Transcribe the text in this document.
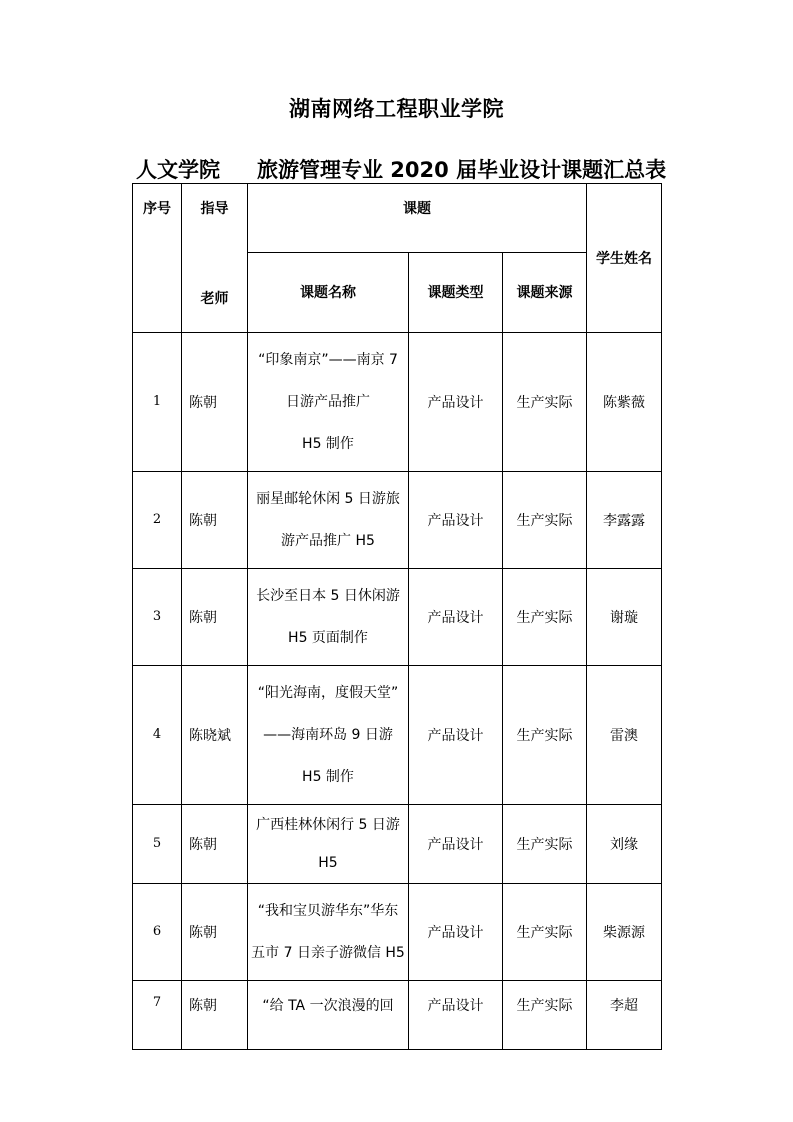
湖南网络工程职业学院
人文学院 旅游管理专业 2020 届毕业设计课题汇总表
序号	指导	课题			学生姓名
	老师	课题名称	课题类型	课题来源	
1	陈朝	“印象南京”——南京 7
日游产品推广
H5 制作	产品设计	生产实际	陈紫薇
2	陈朝	丽星邮轮休闲 5 日游旅
游产品推广 H5	产品设计	生产实际	李露露
3	陈朝	长沙至日本 5 日休闲游
H5 页面制作	产品设计	生产实际	谢璇
4	陈晓斌	“阳光海南，度假天堂”
——海南环岛 9 日游
H5 制作	产品设计	生产实际	雷澳
5	陈朝	广西桂林休闲行 5 日游
H5	产品设计	生产实际	刘缘
6	陈朝	“我和宝贝游华东”华东
五市 7 日亲子游微信 H5	产品设计	生产实际	柴源源
7	陈朝	“给 TA 一次浪漫的回	产品设计	生产实际	李超
